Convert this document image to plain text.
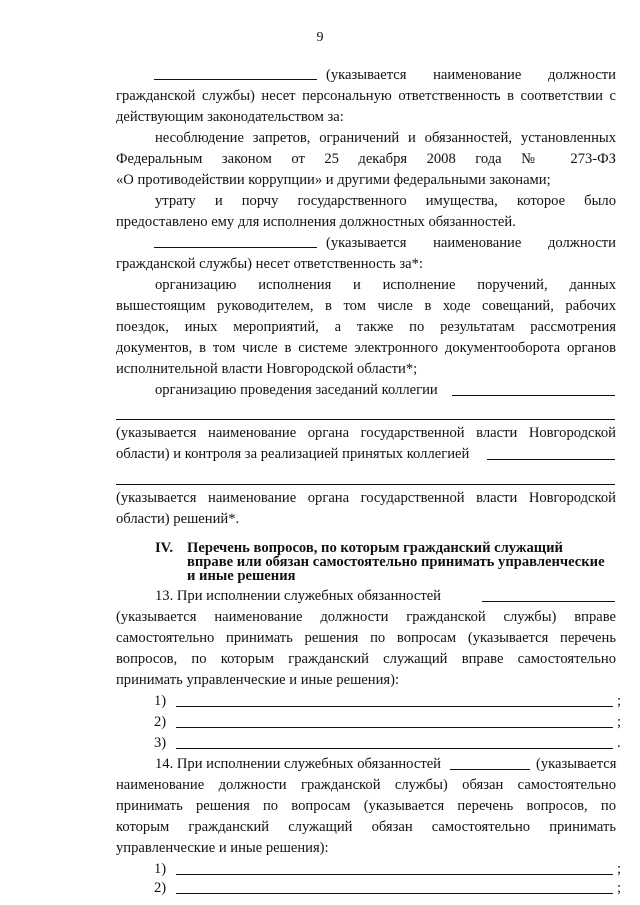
9
(указывается наименование должности
гражданской службы) несет персональную ответственность в соответствии с
действующим законодательством за:
несоблюдение запретов, ограничений и обязанностей, установленных
Федеральным законом от 25 декабря 2008 года № 273-ФЗ
«О противодействии коррупции» и другими федеральными законами;
утрату и порчу государственного имущества, которое было
предоставлено ему для исполнения должностных обязанностей.
(указывается наименование должности
гражданской службы) несет ответственность за*:
организацию исполнения и исполнение поручений, данных
вышестоящим руководителем, в том числе в ходе совещаний, рабочих
поездок, иных мероприятий, а также по результатам рассмотрения
документов, в том числе в системе электронного документооборота органов
исполнительной власти Новгородской области*;
организацию проведения заседаний коллегии
(указывается наименование органа государственной власти Новгородской
области) и контроля за реализацией принятых коллегией
(указывается наименование органа государственной власти Новгородской
области) решений*.
IV. Перечень вопросов, по которым гражданский служащий
вправе или обязан самостоятельно принимать управленческие
и иные решения
13. При исполнении служебных обязанностей
(указывается наименование должности гражданской службы) вправе
самостоятельно принимать решения по вопросам (указывается перечень
вопросов, по которым гражданский служащий вправе самостоятельно
принимать управленческие и иные решения):
1)	;
2)	;
3)	.
14. При исполнении служебных обязанностей	(указывается
наименование должности гражданской службы) обязан самостоятельно
принимать решения по вопросам (указывается перечень вопросов, по
которым гражданский служащий обязан самостоятельно принимать
управленческие и иные решения):
1)	;
2)	;
